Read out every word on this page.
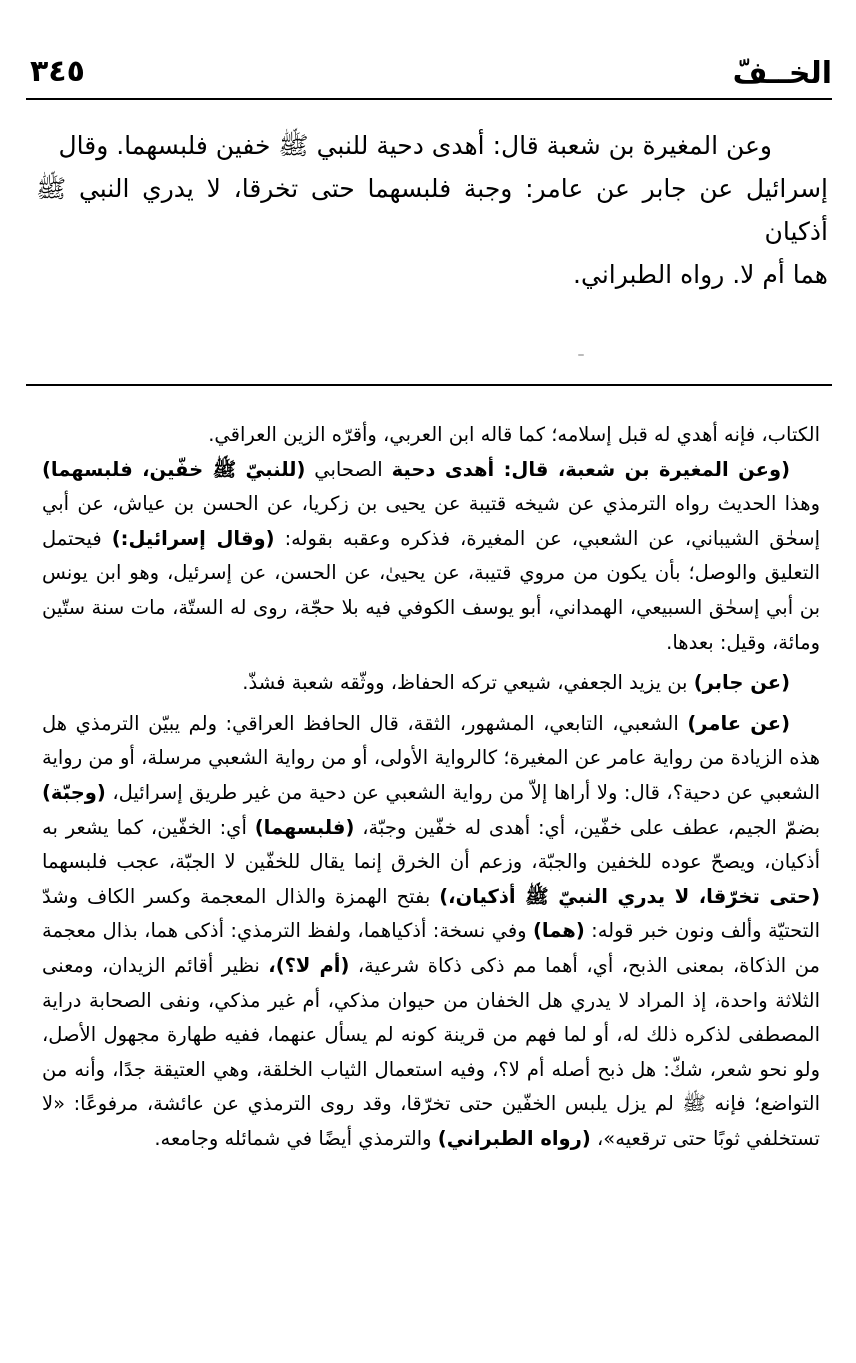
الخــفّ
٣٤٥

وعن المغيرة بن شعبة قال: أهدى دحية للنبي ﷺ خفين فلبسهما. وقال

إسرائيل عن جابر عن عامر: وجبة فلبسهما حتى تخرقا، لا يدري النبي ﷺ أذكيان

هما أم لا. رواه الطبراني.

الكتاب، فإنه أهدي له قبل إسلامه؛ كما قاله ابن العربي، وأقرّه الزين العراقي.

(وعن المغيرة بن شعبة، قال: أهدى دحية الصحابي (للنبيّ ﷺ خفّين، فلبسهما) وهذا الحديث رواه الترمذي عن شيخه قتيبة عن يحيى بن زكريا، عن الحسن بن عياش، عن أبي إسحٰق الشيباني، عن الشعبي، عن المغيرة، فذكره وعقبه بقوله: (وقال إسرائيل:) فيحتمل التعليق والوصل؛ بأن يكون من مروي قتيبة، عن يحيىٰ، عن الحسن، عن إسرئيل، وهو ابن يونس بن أبي إسحٰق السبيعي، الهمداني، أبو يوسف الكوفي فيه بلا حجّة، روى له الستّة، مات سنة ستّين ومائة، وقيل: بعدها.

(عن جابر) بن يزيد الجعفي، شيعي تركه الحفاظ، ووثّقه شعبة فشذّ.

(عن عامر) الشعبي، التابعي، المشهور، الثقة، قال الحافظ العراقي: ولم يبيّن الترمذي هل هذه الزيادة من رواية عامر عن المغيرة؛ كالرواية الأولى، أو من رواية الشعبي مرسلة، أو من رواية الشعبي عن دحية؟، قال: ولا أراها إلاّ من رواية الشعبي عن دحية من غير طريق إسرائيل، (وجبّة) بضمّ الجيم، عطف على خفّين، أي: أهدى له خفّين وجبّة، (فلبسهما) أي: الخفّين، كما يشعر به أذكيان، ويصحّ عوده للخفين والجبّة، وزعم أن الخرق إنما يقال للخفّين لا الجبّة، عجب فلبسهما (حتى تخرّقا، لا يدري النبيّ ﷺ أذكيان،) بفتح الهمزة والذال المعجمة وكسر الكاف وشدّ التحتيّة وألف ونون خبر قوله: (هما) وفي نسخة: أذكياهما، ولفظ الترمذي: أذكى هما، بذال معجمة من الذكاة، بمعنى الذبح، أي، أهما مم ذكى ذكاة شرعية، (أم لا؟)، نظير أقائم الزيدان، ومعنى الثلاثة واحدة، إذ المراد لا يدري هل الخفان من حيوان مذكي، أم غير مذكي، ونفى الصحابة دراية المصطفى لذكره ذلك له، أو لما فهم من قرينة كونه لم يسأل عنهما، ففيه طهارة مجهول الأصل، ولو نحو شعر، شكّ: هل ذبح أصله أم لا؟، وفيه استعمال الثياب الخلقة، وهي العتيقة جدًا، وأنه من التواضع؛ فإنه ﷺ لم يزل يلبس الخفّين حتى تخرّقا، وقد روى الترمذي عن عائشة، مرفوعًا: «لا تستخلفي ثوبًا حتى ترقعيه»، (رواه الطبراني) والترمذي أيضًا في شمائله وجامعه.
